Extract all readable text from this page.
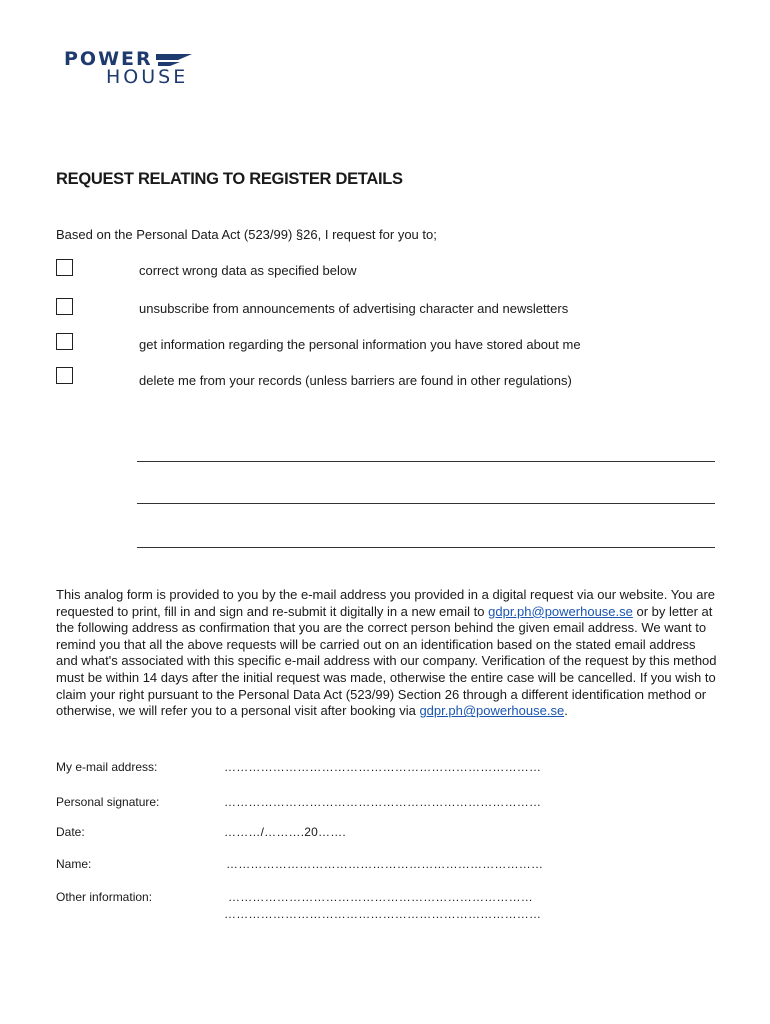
POWER
HOUSE
REQUEST RELATING TO REGISTER DETAILS
Based on the Personal Data Act (523/99) §26, I request for you to;
correct wrong data as specified below
unsubscribe from announcements of advertising character and newsletters
get information regarding the personal information you have stored about me
delete me from your records (unless barriers are found in other regulations)
This analog form is provided to you by the e-mail address you provided in a digital request via our website. You are requested to print, fill in and sign and re-submit it digitally in a new email to gdpr.ph@powerhouse.se or by letter at the following address as confirmation that you are the correct person behind the given email address. We want to remind you that all the above requests will be carried out on an identification based on the stated email address and what's associated with this specific e-mail address with our company. Verification of the request by this method must be within 14 days after the initial request was made, otherwise the entire case will be cancelled. If you wish to claim your right pursuant to the Personal Data Act (523/99) Section 26 through a different identification method or otherwise, we will refer you to a personal visit after booking via gdpr.ph@powerhouse.se.
My e-mail address:	……………………………………………………………………
Personal signature:	……………………………………………………………………
Date:	………/……….20…….
Name:	……………………………………………………………………
Other information:	…………………………………………………………………
……………………………………………………………………
